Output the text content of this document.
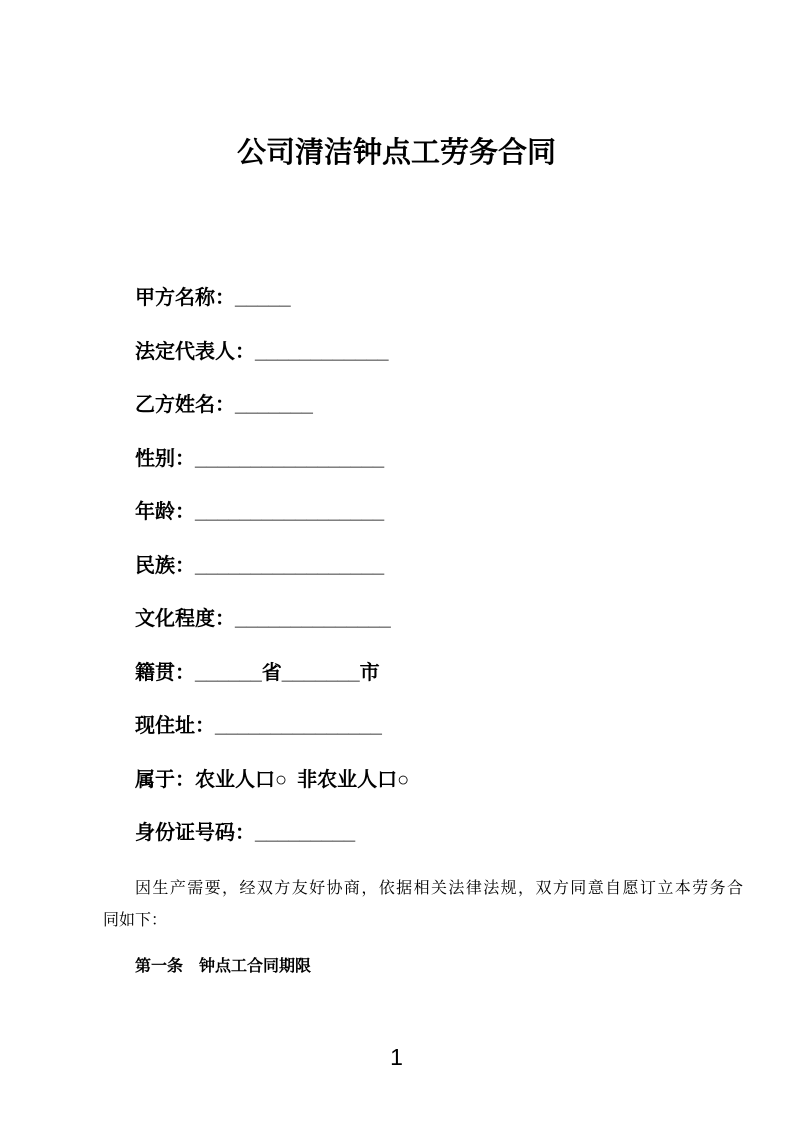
公司清洁钟点工劳务合同
甲方名称：_____
法定代表人：____________
乙方姓名：_______
性别：_________________
年龄：_________________
民族：_________________
文化程度：______________
籍贯：______省_______市
现住址：_______________
属于：农业人口○ 非农业人口○
身份证号码：_________
因生产需要，经双方友好协商，依据相关法律法规，双方同意自愿订立本劳务合
同如下：
第一条　钟点工合同期限
1
